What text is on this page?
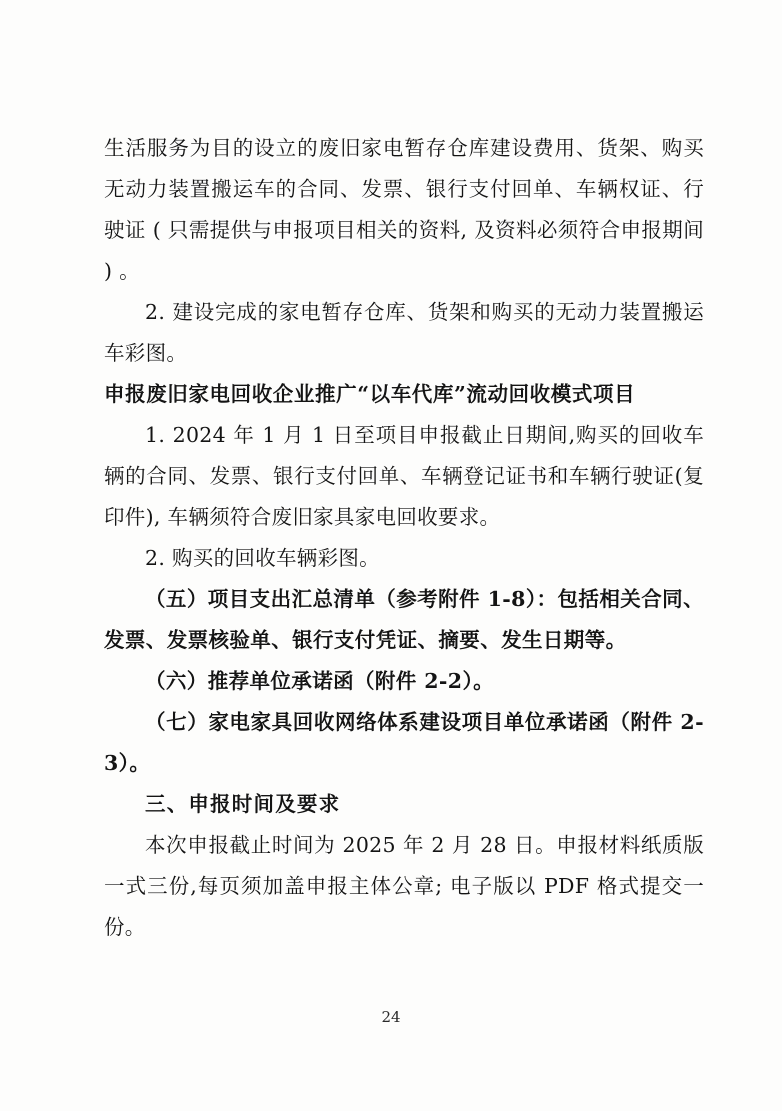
生活服务为目的设立的废旧家电暂存仓库建设费用、货架、购买无动力装置搬运车的合同、发票、银行支付回单、车辆权证、行驶证 ( 只需提供与申报项目相关的资料, 及资料必须符合申报期间 ) 。

2. 建设完成的家电暂存仓库、货架和购买的无动力装置搬运车彩图。

申报废旧家电回收企业推广“以车代库”流动回收模式项目

1. 2024 年 1 月 1 日至项目申报截止日期间,购买的回收车辆的合同、发票、银行支付回单、车辆登记证书和车辆行驶证(复印件), 车辆须符合废旧家具家电回收要求。

2. 购买的回收车辆彩图。

（五）项目支出汇总清单（参考附件 1-8）：包括相关合同、发票、发票核验单、银行支付凭证、摘要、发生日期等。

（六）推荐单位承诺函（附件 2-2）。

（七）家电家具回收网络体系建设项目单位承诺函（附件 2-3）。

三、申报时间及要求

本次申报截止时间为 2025 年 2 月 28 日。申报材料纸质版一式三份,每页须加盖申报主体公章; 电子版以 PDF 格式提交一份。

24
